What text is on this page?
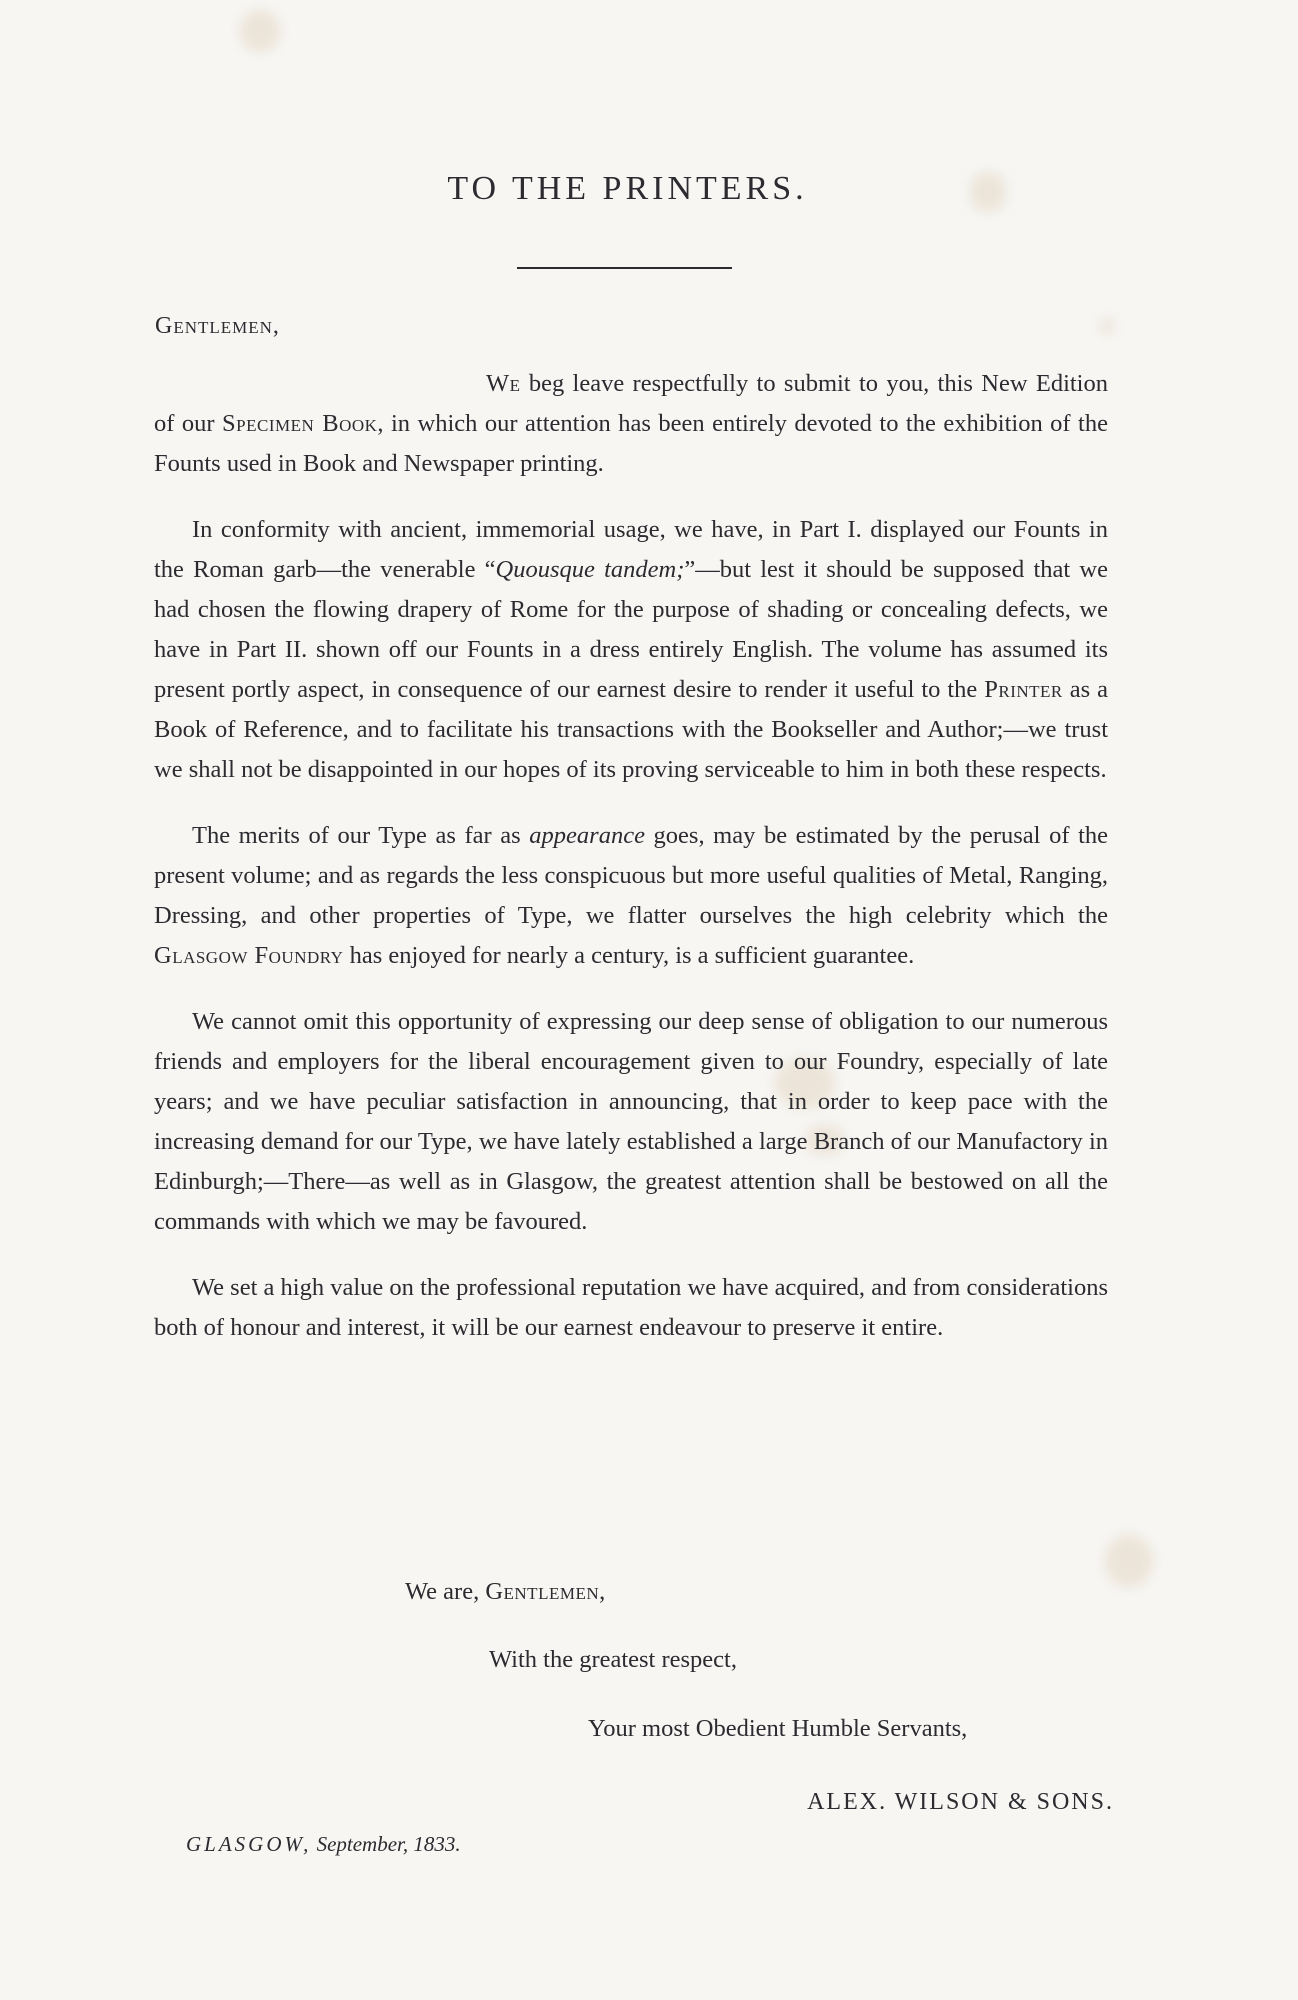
TO THE PRINTERS.

Gentlemen,

We beg leave respectfully to submit to you, this New Edition of our Specimen Book, in which our attention has been entirely devoted to the exhibition of the Founts used in Book and Newspaper printing.

In conformity with ancient, immemorial usage, we have, in Part I. displayed our Founts in the Roman garb—the venerable “Quousque tandem;”—but lest it should be supposed that we had chosen the flowing drapery of Rome for the purpose of shading or concealing defects, we have in Part II. shown off our Founts in a dress entirely English. The volume has assumed its present portly aspect, in consequence of our earnest desire to render it useful to the Printer as a Book of Reference, and to facilitate his transactions with the Bookseller and Author;—we trust we shall not be disappointed in our hopes of its proving serviceable to him in both these respects.

The merits of our Type as far as appearance goes, may be estimated by the perusal of the present volume; and as regards the less conspicuous but more useful qualities of Metal, Ranging, Dressing, and other properties of Type, we flatter ourselves the high celebrity which the Glasgow Foundry has enjoyed for nearly a century, is a sufficient guarantee.

We cannot omit this opportunity of expressing our deep sense of obligation to our numerous friends and employers for the liberal encouragement given to our Foundry, especially of late years; and we have peculiar satisfaction in announcing, that in order to keep pace with the increasing demand for our Type, we have lately established a large Branch of our Manufactory in Edinburgh;—There—as well as in Glasgow, the greatest attention shall be bestowed on all the commands with which we may be favoured.

We set a high value on the professional reputation we have acquired, and from considerations both of honour and interest, it will be our earnest endeavour to preserve it entire.

We are, Gentlemen,

With the greatest respect,

Your most Obedient Humble Servants,

ALEX. WILSON & SONS.

GLASGOW, September, 1833.
